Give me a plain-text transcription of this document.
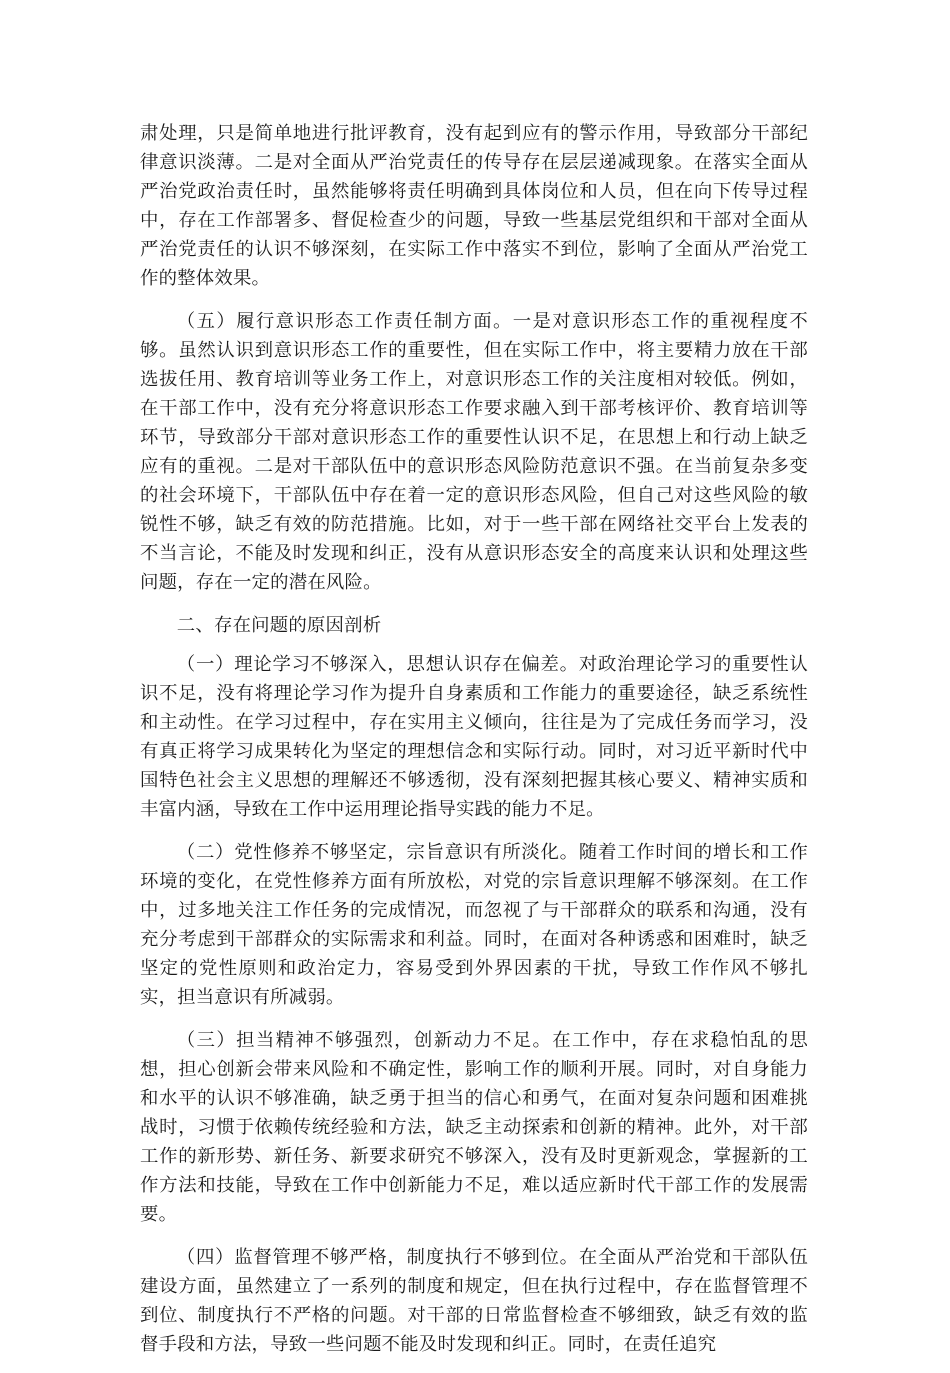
肃处理，只是简单地进行批评教育，没有起到应有的警示作用，导致部分干部纪律意识淡薄。二是对全面从严治党责任的传导存在层层递减现象。在落实全面从严治党政治责任时，虽然能够将责任明确到具体岗位和人员，但在向下传导过程中，存在工作部署多、督促检查少的问题，导致一些基层党组织和干部对全面从严治党责任的认识不够深刻，在实际工作中落实不到位，影响了全面从严治党工作的整体效果。

（五）履行意识形态工作责任制方面。一是对意识形态工作的重视程度不够。虽然认识到意识形态工作的重要性，但在实际工作中，将主要精力放在干部选拔任用、教育培训等业务工作上，对意识形态工作的关注度相对较低。例如，在干部工作中，没有充分将意识形态工作要求融入到干部考核评价、教育培训等环节，导致部分干部对意识形态工作的重要性认识不足，在思想上和行动上缺乏应有的重视。二是对干部队伍中的意识形态风险防范意识不强。在当前复杂多变的社会环境下，干部队伍中存在着一定的意识形态风险，但自己对这些风险的敏锐性不够，缺乏有效的防范措施。比如，对于一些干部在网络社交平台上发表的不当言论，不能及时发现和纠正，没有从意识形态安全的高度来认识和处理这些问题，存在一定的潜在风险。

二、存在问题的原因剖析

（一）理论学习不够深入，思想认识存在偏差。对政治理论学习的重要性认识不足，没有将理论学习作为提升自身素质和工作能力的重要途径，缺乏系统性和主动性。在学习过程中，存在实用主义倾向，往往是为了完成任务而学习，没有真正将学习成果转化为坚定的理想信念和实际行动。同时，对习近平新时代中国特色社会主义思想的理解还不够透彻，没有深刻把握其核心要义、精神实质和丰富内涵，导致在工作中运用理论指导实践的能力不足。

（二）党性修养不够坚定，宗旨意识有所淡化。随着工作时间的增长和工作环境的变化，在党性修养方面有所放松，对党的宗旨意识理解不够深刻。在工作中，过多地关注工作任务的完成情况，而忽视了与干部群众的联系和沟通，没有充分考虑到干部群众的实际需求和利益。同时，在面对各种诱惑和困难时，缺乏坚定的党性原则和政治定力，容易受到外界因素的干扰，导致工作作风不够扎实，担当意识有所减弱。

（三）担当精神不够强烈，创新动力不足。在工作中，存在求稳怕乱的思想，担心创新会带来风险和不确定性，影响工作的顺利开展。同时，对自身能力和水平的认识不够准确，缺乏勇于担当的信心和勇气，在面对复杂问题和困难挑战时，习惯于依赖传统经验和方法，缺乏主动探索和创新的精神。此外，对干部工作的新形势、新任务、新要求研究不够深入，没有及时更新观念，掌握新的工作方法和技能，导致在工作中创新能力不足，难以适应新时代干部工作的发展需要。

（四）监督管理不够严格，制度执行不够到位。在全面从严治党和干部队伍建设方面，虽然建立了一系列的制度和规定，但在执行过程中，存在监督管理不到位、制度执行不严格的问题。对干部的日常监督检查不够细致，缺乏有效的监督手段和方法，导致一些问题不能及时发现和纠正。同时，在责任追究
